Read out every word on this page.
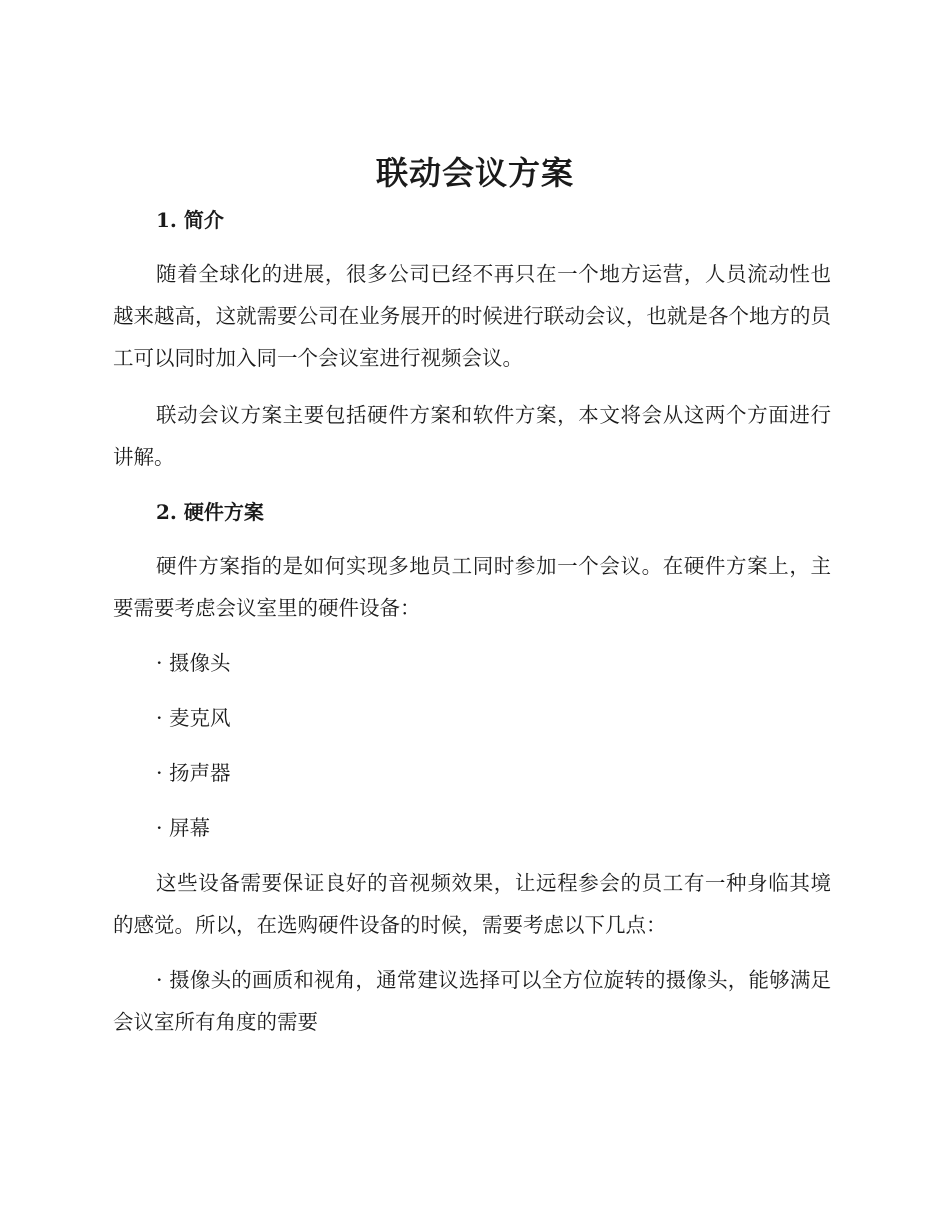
联动会议方案
1. 简介

随着全球化的进展，很多公司已经不再只在一个地方运营，人员流动性也越来越高，这就需要公司在业务展开的时候进行联动会议，也就是各个地方的员工可以同时加入同一个会议室进行视频会议。

联动会议方案主要包括硬件方案和软件方案，本文将会从这两个方面进行讲解。

2. 硬件方案

硬件方案指的是如何实现多地员工同时参加一个会议。在硬件方案上，主要需要考虑会议室里的硬件设备：

· 摄像头

· 麦克风

· 扬声器

· 屏幕

这些设备需要保证良好的音视频效果，让远程参会的员工有一种身临其境的感觉。所以，在选购硬件设备的时候，需要考虑以下几点：

· 摄像头的画质和视角，通常建议选择可以全方位旋转的摄像头，能够满足会议室所有角度的需要
